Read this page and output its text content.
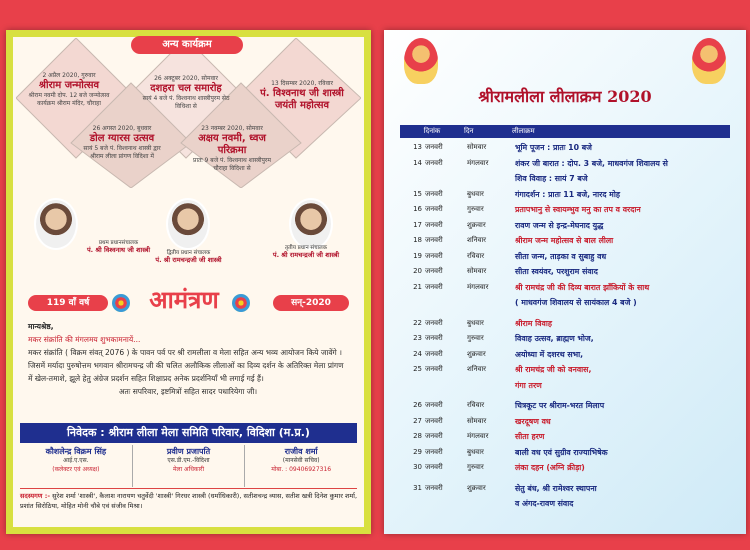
अन्य कार्यक्रम
2 अप्रैल 2020, गुरुवार
श्रीराम जन्मोत्सव
श्रीराम नवमी दोप. 12 बजे जन्मोत्सव कार्यक्रम श्रीराम मंदिर, चौराहा
26 अक्टूबर 2020, सोमवार
दशहरा चल समारोह
सायं 4 बजे पं. विश्वनाथ शास्त्रीपुरम सेठ विधिशा से
13 दिसम्बर 2020, रविवार
पं. विश्वनाथ जी शास्त्री जयंती महोत्सव
26 अगस्त 2020, बुधवार
डोल ग्यारस उत्सव
सायं 5 बजे पं. विश्वनाथ शास्त्री द्वार श्रीराम लीला प्रांगण विदिशा में
23 नवम्बर 2020, सोमवार
अक्षय नवमी, ध्वज परिक्रमा
प्रातः 9 बजे पं. विश्वनाथ शास्त्रीपुरम चौराहा विदिशा से
प्रथम प्रधानसंचालक
पं. श्री विश्वनाथ जी शास्त्री	द्वितीय प्रधान संचालक
पं. श्री रामचन्द्रजी जी शास्त्री
तृतीय प्रधान संचालक
पं. श्री रामचन्द्रजी जी शास्त्री
119 वाँ वर्ष	आमंत्रण	सन्-2020
मान्यश्रेष्ठ,
मकर संक्रांति की मंगलमय शुभकामनायें...
मकर संक्रांति ( विक्रम संवत् 2076 ) के पावन पर्व पर श्री रामलीला व मेला सहित अन्य भव्य आयोजन किये जावेंगे । जिसमें मर्यादा पुरुषोत्तम भगवान श्रीरामचन्द्र जी की चलित अलौकिक लीलाओं का दिव्य दर्शन के अतिरिक्त मेला प्रांगण में खेल-तमाशे, झूले हेतु अंग्रेज प्रदर्शन सहित शिक्षाप्रद अनेक प्रदर्शनियाँ भी लगाई गई हैं।
अतः सपरिवार, इष्टमित्रों सहित सादर पधारियेगा जी।
निवेदक : श्रीराम लीला मेला समिति परिवार, विदिशा (म.प्र.)
कौशलेन्द्र विक्रम सिंह
आई.ए.एस.
(कलेक्टर एवं अध्यक्ष)
प्रवीण प्रजापति
एस.डी.एम.-विदिशा
मेला अधिकारी
राजीव शर्मा
(मानसेवी सचिव)
मोबा. : 09406927316
सदस्यगण :- सुरेश शर्मा 'शास्त्री', कैलाश नारायण चतुर्वेदी 'शास्त्री' गिरधर शास्त्री (धर्माधिकारी), सतीशचन्द्र व्यास, सतीश खत्री दिनेश कुमार शर्मा, प्रशांत सिरोठिया, मोहित मोनी चौबे एवं संजीव मिश्रा।
श्रीरामलीला लीलाक्रम 2020
दिनांक	दिन	लीलाक्रम
13 जनवरी	सोमवार	भूमि पूजन : प्रातः 10 बजे
14 जनवरी	मंगलवार	शंकर जी बारात : दोप. 3 बजे, माधवगंज शिवालय से
शिव विवाह : सायं 7 बजे
15 जनवरी	बुधवार	गंगादर्शन : प्रातः 11 बजे, नारद मोह
16 जनवरी	गुरुवार	प्रतापभानु से स्वायम्भुव मनु का तप व वरदान
17 जनवरी	शुक्रवार	रावण जन्म से इन्द्र-मेघनाद युद्ध
18 जनवरी	शनिवार	श्रीराम जन्म महोत्सव से बाल लीला
19 जनवरी	रविवार	सीता जन्म, ताड़का व सुबाहु वध
20 जनवरी	सोमवार	सीता स्वयंवर, परशुराम संवाद
21 जनवरी	मंगलवार	श्री रामचंद्र जी की दिव्य बारात झाँकियों के साथ
( माधवगंज शिवालय से सायंकाल 4 बजे )
22 जनवरी	बुधवार	श्रीराम विवाह
23 जनवरी	गुरुवार	विवाह उत्सव, ब्राह्मण भोज,
24 जनवरी	शुक्रवार	अयोध्या में दशरथ सभा,
25 जनवरी	शनिवार	श्री रामचंद्र जी को वनवास,
गंगा तरण
26 जनवरी	रविवार	चित्रकूट पर श्रीराम-भरत मिलाप
27 जनवरी	सोमवार	खरदूषण वध
28 जनवरी	मंगलवार	सीता हरण
29 जनवरी	बुधवार	बाली वध एवं सुग्रीव राज्याभिषेक
30 जनवरी	गुरुवार	लंका दहन (अग्नि क्रीड़ा)
31 जनवरी	शुक्रवार	सेतु बंध, श्री रामेश्वर स्थापना
व अंगद-रावण संवाद
